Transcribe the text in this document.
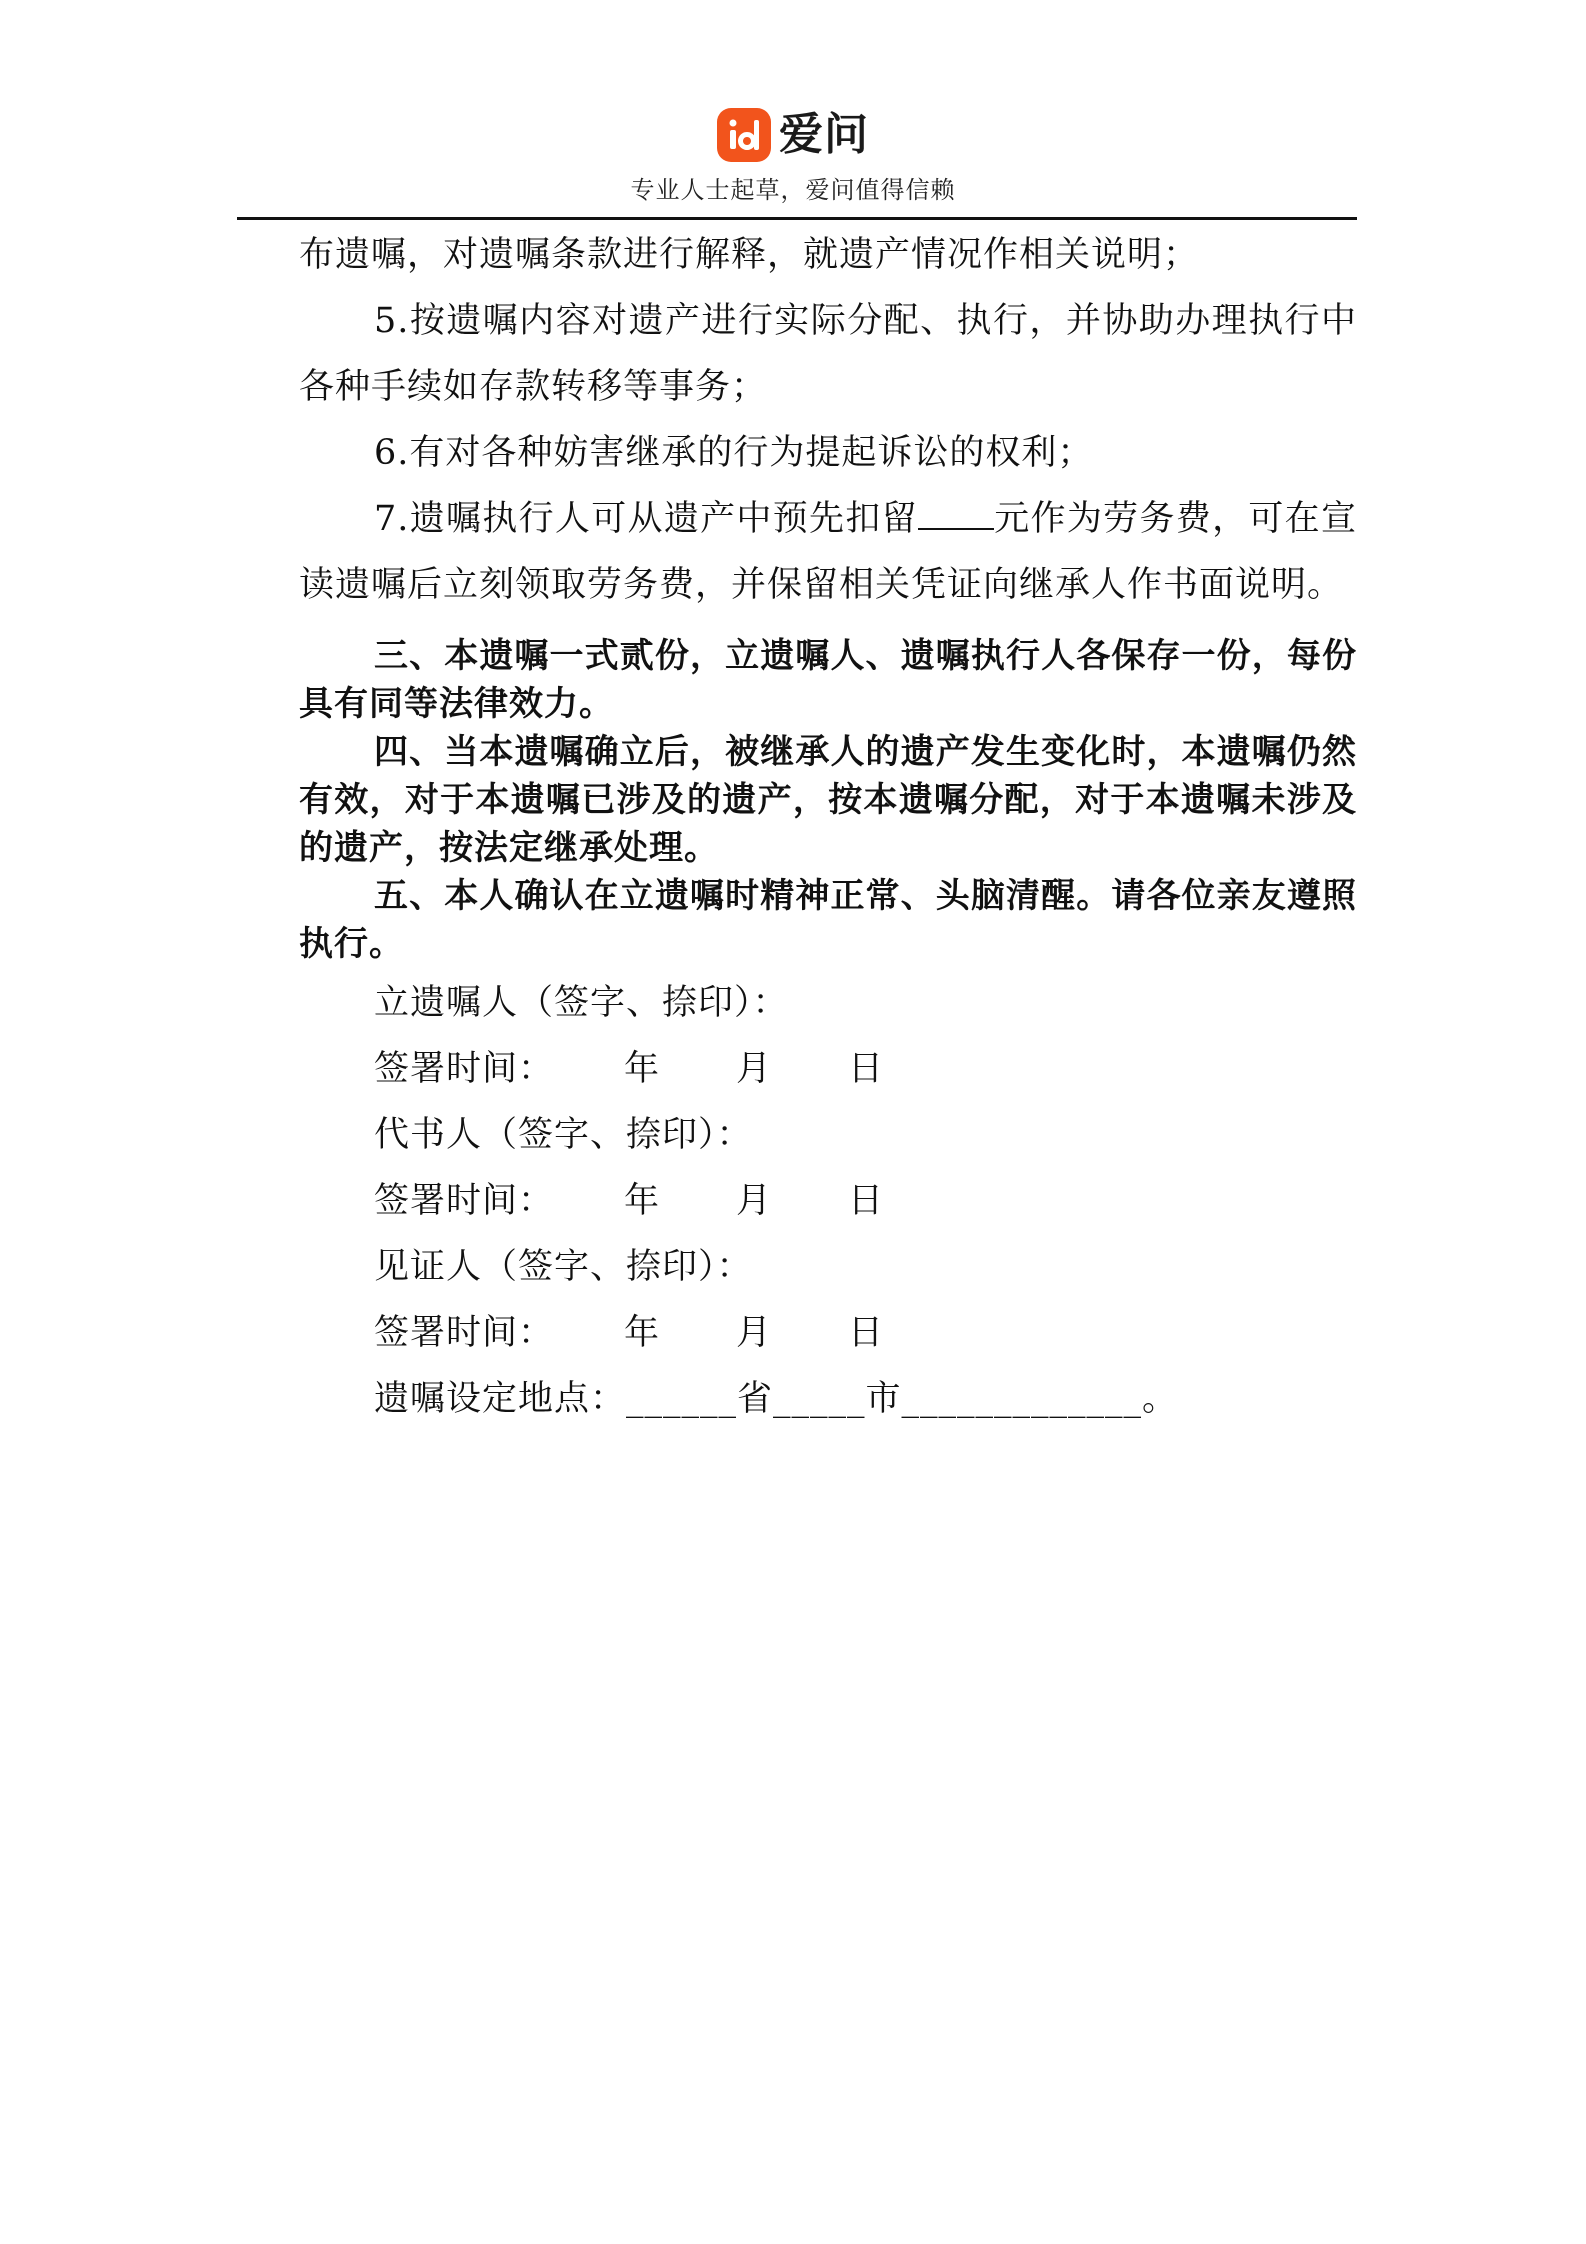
爱问
专业人士起草，爱问值得信赖

布遗嘱，对遗嘱条款进行解释，就遗产情况作相关说明；

5.按遗嘱内容对遗产进行实际分配、执行，并协助办理执行中各种手续如存款转移等事务；

6.有对各种妨害继承的行为提起诉讼的权利；

7.遗嘱执行人可从遗产中预先扣留 元作为劳务费，可在宣读遗嘱后立刻领取劳务费，并保留相关凭证向继承人作书面说明。

三、本遗嘱一式贰份，立遗嘱人、遗嘱执行人各保存一份，每份具有同等法律效力。

四、当本遗嘱确立后，被继承人的遗产发生变化时，本遗嘱仍然有效，对于本遗嘱已涉及的遗产，按本遗嘱分配，对于本遗嘱未涉及的遗产，按法定继承处理。

五、本人确认在立遗嘱时精神正常、头脑清醒。请各位亲友遵照执行。

立遗嘱人（签字、捺印）：

签署时间： 年 月 日

代书人（签字、捺印）：

签署时间： 年 月 日

见证人（签字、捺印）：

签署时间： 年 月 日

遗嘱设定地点：______省_____市_____________。
